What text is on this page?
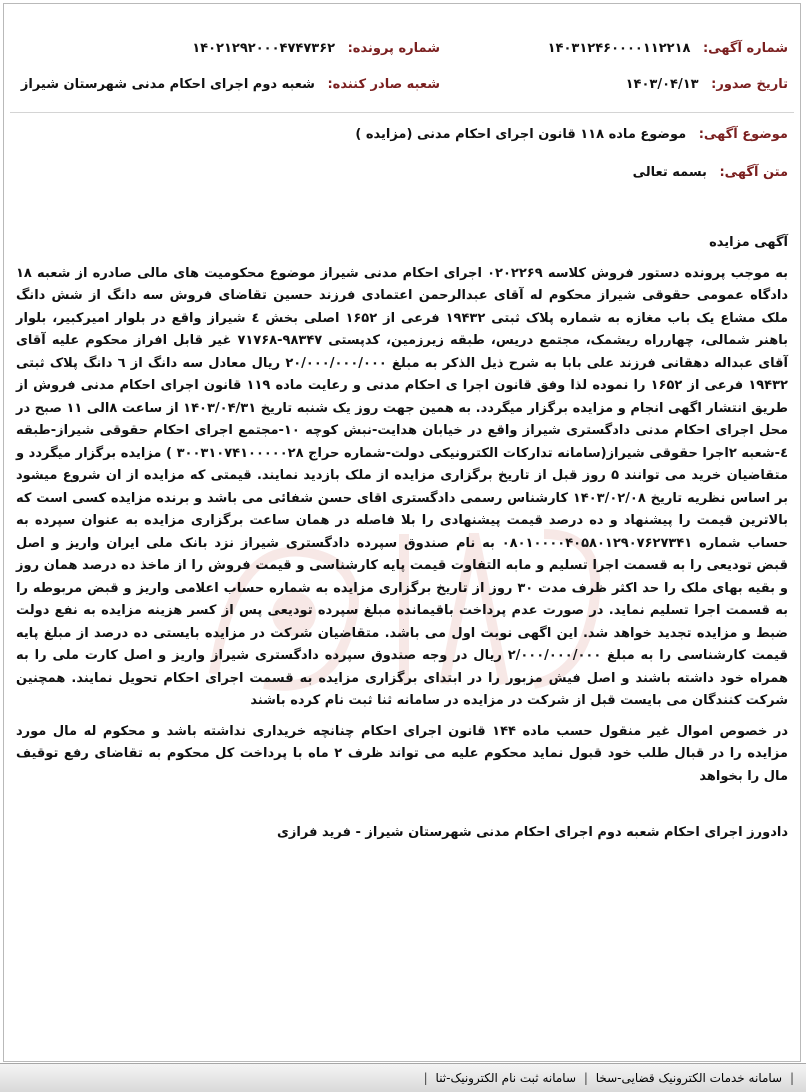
شماره آگهی: ۱۴۰۳۱۲۴۶۰۰۰۰۱۱۲۲۱۸
شماره پرونده: ۱۴۰۲۱۲۹۲۰۰۰۴۷۴۷۳۶۲
تاریخ صدور: ۱۴۰۳/۰۴/۱۳
شعبه صادر کننده: شعبه دوم اجرای احکام مدنی شهرستان شیراز
موضوع آگهی: موضوع ماده ۱۱۸ قانون اجرای احکام مدنی (مزایده )
متن آگهی: بسمه تعالی

آگهی مزایده

به موجب پرونده دستور فروش کلاسه ۰۲۰۲۲۶۹ اجرای احکام مدنی شیراز موضوع محکومیت های مالی صادره از شعبه ۱۸ دادگاه عمومی حقوقی شیراز محکوم له آقای عبدالرحمن اعتمادی فرزند حسین تقاضای فروش سه دانگ از شش دانگ ملک مشاع یک باب مغازه به شماره پلاک ثبتی ۱۹۴۳۲ فرعی از ۱۶۵۲ اصلی بخش ٤ شیراز واقع در بلوار امیرکبیر، بلوار باهنر شمالی، چهارراه ریشمک، مجتمع دریس، طبقه زیرزمین، کدپستی ۹۸۳۴۷-۷۱۷۶۸ غیر قابل افراز محکوم علیه آقای آقای عبداله دهقانی فرزند علی بابا به شرح ذیل الذکر به مبلغ ۲۰/۰۰۰/۰۰۰/۰۰۰ ریال معادل سه دانگ از ٦ دانگ پلاک ثبتی ۱۹۴۳۲ فرعی از ۱۶۵۲ را نموده لذا وفق قانون اجرا ی احکام مدنی و رعایت ماده ۱۱۹ قانون اجرای احکام مدنی فروش از طریق انتشار اگهی انجام و مزایده برگزار میگردد. به همین جهت روز یک شنبه تاریخ ۱۴۰۳/۰۴/۳۱ از ساعت ۸الی ۱۱ صبح در محل اجرای احکام مدنی دادگستری شیراز واقع در خیابان هدایت-نبش کوچه ۱۰-مجتمع اجرای احکام حقوقی شیراز-طبقه ٤-شعبه ۲اجرا حقوقی شیراز(سامانه تدارکات الکترونیکی دولت-شماره حراج ۳۰۰۳۱۰۷۴۱۰۰۰۰۰۲۸ ) مزایده برگزار میگردد و متقاضیان خرید می توانند ۵ روز قبل از تاریخ برگزاری مزایده از ملک بازدید نمایند. قیمتی که مزایده از ان شروع میشود بر اساس نظریه تاریخ ۱۴۰۳/۰۲/۰۸ کارشناس رسمی دادگستری اقای حسن شفائی می باشد و برنده مزایده کسی است که بالاترین قیمت را پیشنهاد و ده درصد قیمت پیشنهادی را بلا فاصله در همان ساعت برگزاری مزایده به عنوان سپرده به حساب شماره ۰۸۰۱۰۰۰۰۴۰۵۸۰۱۲۹۰۷۶۲۷۳۴۱ به نام صندوق سپرده دادگستری شیراز نزد بانک ملی ایران واریز و اصل قبض تودیعی را به قسمت اجرا تسلیم و مابه التفاوت قیمت پایه کارشناسی و قیمت فروش را از ماخذ ده درصد همان روز و بقیه بهای ملک را حد اکثر ظرف مدت ۳۰ روز از تاریخ برگزاری مزایده به شماره حساب اعلامی واریز و قبض مربوطه را به قسمت اجرا تسلیم نماید. در صورت عدم پرداخت باقیمانده مبلغ سپرده تودیعی پس از کسر هزینه مزایده به نفع دولت ضبط و مزایده تجدید خواهد شد. این اگهی نوبت اول می باشد. متقاضیان شرکت در مزایده بایستی ده درصد از مبلغ پایه قیمت کارشناسی را به مبلغ ۲/۰۰۰/۰۰۰/۰۰۰ ریال در وجه صندوق سپرده دادگستری شیراز واریز و اصل کارت ملی را به همراه خود داشته باشند و اصل فیش مزبور را در ابتدای برگزاری مزایده به قسمت اجرای احکام تحویل نمایند. همچنین شرکت کنندگان می بایست قبل از شرکت در مزایده در سامانه ثنا ثبت نام کرده باشند

در خصوص اموال غیر منقول حسب ماده ۱۴۴ قانون اجرای احکام چنانچه خریداری نداشته باشد و محکوم له مال مورد مزایده را در قبال طلب خود قبول نماید محکوم علیه می تواند ظرف ۲ ماه با پرداخت کل محکوم به تقاضای رفع توقیف مال را بخواهد

دادورز اجرای احکام شعبه دوم اجرای احکام مدنی شهرستان شیراز - فرید فرازی

| سامانه خدمات الکترونیک قضایی-سخا | سامانه ثبت نام الکترونیک-ثنا |
